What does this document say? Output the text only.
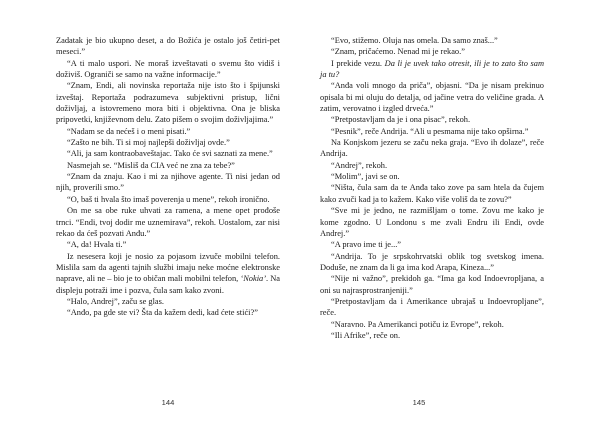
Zadatak je bio ukupno deset, a do Božića je ostalo još četiri-pet meseci.”

“A ti malo uspori. Ne moraš izveštavati o svemu što vidiš i doživiš. Ograniči se samo na važne informacije.”

“Znam, Endi, ali novinska reportaža nije isto što i špijunski izveštaj. Reportaža podrazumeva subjektivni pristup, lični doživljaj, a istovremeno mora biti i objektivna. Ona je bliska pripovetki, književnom delu. Zato pišem o svojim doživljajima.”

“Nadam se da nećeš i o meni pisati.”

“Zašto ne bih. Ti si moj najlepši doživljaj ovde.”

“Ali, ja sam kontraobaveštajac. Tako će svi saznati za mene.”

Nasmejah se. “Misliš da CIA već ne zna za tebe?”

“Znam da znaju. Kao i mi za njihove agente. Ti nisi jedan od njih, proverili smo.”

“O, baš ti hvala što imaš poverenja u mene”, rekoh ironično.

On me sa obe ruke uhvati za ramena, a mene opet prođoše trnci. “Endi, tvoj dodir me uznemirava”, rekoh. Uostalom, zar nisi rekao da ćeš pozvati Anđu.”

“A, da! Hvala ti.”

Iz nesesera koji je nosio za pojasom izvuče mobilni telefon. Mislila sam da agenti tajnih službi imaju neke moćne elektronske naprave, ali ne – bio je to običan mali mobilni telefon, ‘Nokia’. Na displeju potraži ime i pozva, čula sam kako zvoni.

“Halo, Andrej”, začu se glas.

“Anđo, pa gde ste vi? Šta da kažem dedi, kad ćete stići?”

144

“Evo, stižemo. Oluja nas omela. Da samo znaš...”

“Znam, pričaćemo. Nenad mi je rekao.”

I prekide vezu. Da li je uvek tako otresit, ili je to zato što sam ja tu?

“Anđa voli mnogo da priča”, objasni. “Da je nisam prekinuo opisala bi mi oluju do detalja, od jačine vetra do veličine grada. A zatim, verovatno i izgled drveća.”

“Pretpostavljam da je i ona pisac”, rekoh.

“Pesnik”, reče Andrija. “Ali u pesmama nije tako opširna.”

Na Konjskom jezeru se začu neka graja. “Evo ih dolaze”, reče Andrija.

“Andrej”, rekoh.

“Molim”, javi se on.

“Ništa, čula sam da te Anđa tako zove pa sam htela da čujem kako zvuči kad ja to kažem. Kako više voliš da te zovu?”

“Sve mi je jedno, ne razmišljam o tome. Zovu me kako je kome zgodno. U Londonu s me zvali Endru ili Endi, ovde Andrej.”

“A pravo ime ti je...”

“Andrija. To je srpskohrvatski oblik tog svetskog imena. Doduše, ne znam da li ga ima kod Arapa, Kineza...”

“Nije ni važno”, prekidoh ga. “Ima ga kod Indoevropljana, a oni su najrasprostranjeniji.”

“Pretpostavljam da i Amerikance ubrajaš u Indoevropljane”, reče.

“Naravno. Pa Amerikanci potiču iz Evrope”, rekoh.

“Ili Afrike”, reče on.

145
